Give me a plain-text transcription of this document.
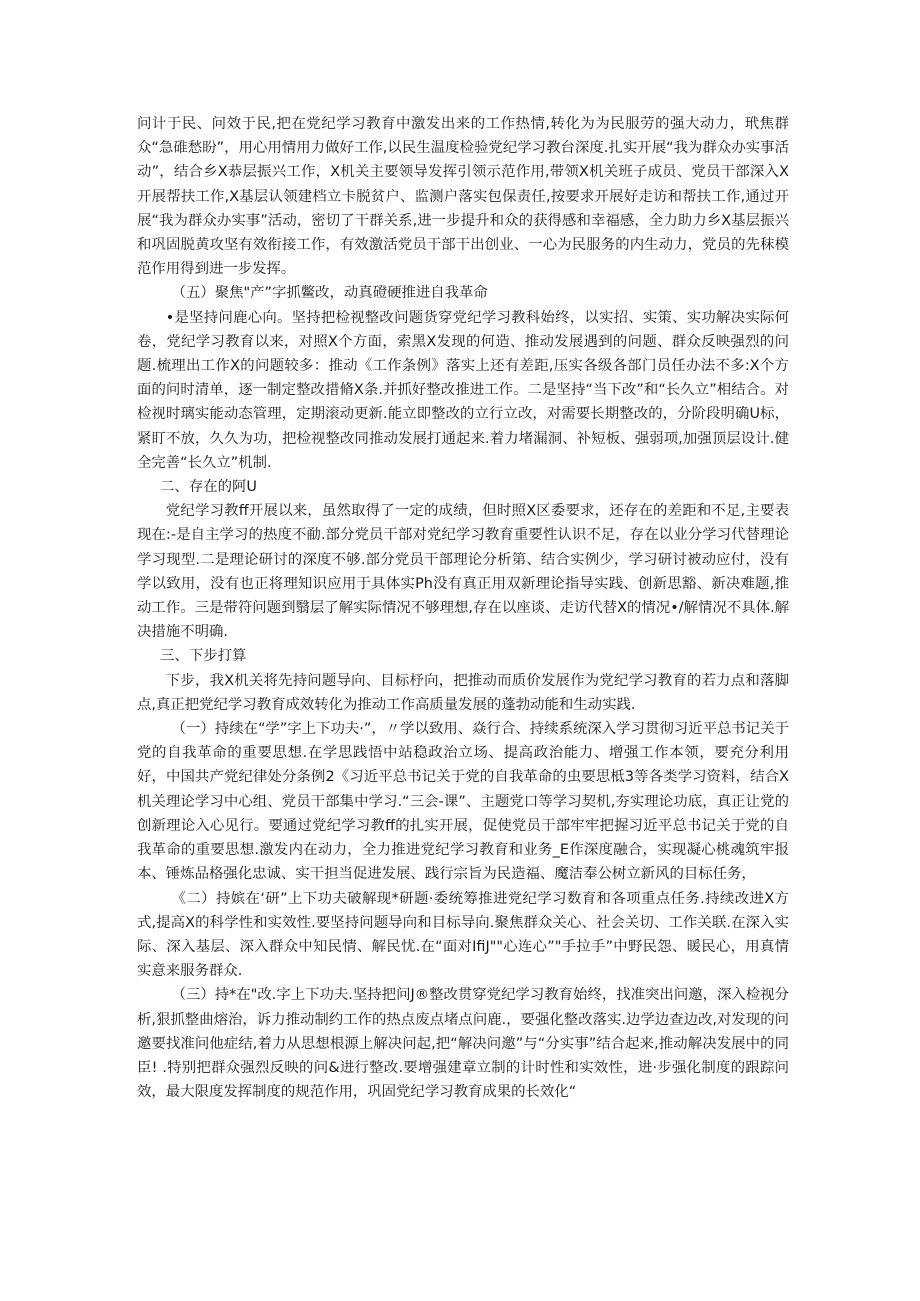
问计于民、问效于民,把在党纪学习教育中激发出来的工作热情,转化为为民服劳的强大动力，玳焦群众“急碓愁盼”，用心用情用力做好工作,以民生温度检验党纪学习教台深度.扎实开展“我为群众办实事活动”，结合乡X恭层振兴工作，X机关主要领导发挥引领示范作用,带领X机关班子成员、党员干部深入X开展帮扶工作,X基层认领建档立卡脱贫户、监测户落实包保责任,按要求开展好走访和帮扶工作,通过开展“我为群众办实事”活动，密切了干群关系,进一步提升和众的获得感和幸福感，全力助力乡X基层振兴和巩固脱黄攻坚有效衔接工作，有效激活党员干部干出创业、一心为民服务的内生动力，党员的先秣模范作用得到进一步发挥。

（五）聚焦"产”字抓鳖改，动真磴硬推进自我革命

•是坚持问鹿心向。坚持把检视整改问题货穿党纪学习教科始终，以实招、实策、实功解决实际何卷，党纪学习教育以来，对照X个方面，索黑X发现的何造、推动发展遇到的问题、群众反映强烈的问题.梳理出工作X的问题较多：推动《工作条例》落实上还有差距,压实各级各部门员任办法不多:X个方面的问时清单，逐一制定整改措脩X条.并抓好整改推进工作。二是坚持“当下改”和“长久立”相结合。对检视时璃实能动态管理，定期滚动更新.能立即整改的立行立改，对需要长期整改的，分阶段明确U标，紧盯不放，久久为功，把检视整改同推动发展打通起来.着力堵漏洞、补短板、强弱项,加强顶层设计.健全完善“长久立”机制.

二、存在的阿U

党纪学习教ff开展以来，虽然取得了一定的成绩，但时照X区委要求，还存在的差距和不足,主要表现在:-是自主学习的热度不勈.部分党员干部对党纪学习教育重要性认识不足，存在以业分学习代替理论学习现型.二是理论研讨的深度不够.部分党员干部理论分析第、结合实例少，学习研讨被动应付，没有学以致用，没有也正将理知识应用于具体实Ph没有真正用双新理论指导实践、创新思豁、新决难题,推动工作。三是带符问题到翳层了解实际情况不够理想,存在以座谈、走访代替X的情况•/解情况不具体.解决措施不明确.

三、下步打算

下步，我X机关将先持问题导向、目标杼向，把推动而质价发展作为党纪学习教育的若力点和落脚点,真正把党纪学习教育成效转化为推动工作高质量发展的蓬勃动能和生动实践.

（一）持续在“学”字上下功夫·”，〃学以致用、焱行合、持续系统深入学习贯彻习近平总书记关于党的自我革命的重要思想.在学思践悟中站稳政治立场、提高政治能力、增强工作本领，要充分利用好，中国共产党纪律处分条例2《习近平总书记关于党的自我革命的虫要思柢3等各类学习资料，结合X机关理论学习中心组、党员干部集中学习.“三会-课”、主题党口等学习契机,夯实理论功底，真正让党的创新理论入心见行。要通过党纪学习教ff的扎实开展，促使党员干部牢牢把握习近平总书记关于党的自我革命的重要思想.激发内在动力，全力推进党纪学习教育和业务_E作深度融合，实现凝心桃魂筑牢报本、锤炼品格强化忠诚、实干担当促进发展、践行宗旨为民造福、魔洁奉公树立新风的目标任务，

《二）持嫔在‘研”上下功夫破解现*研题·委统筹推进党纪学习数育和各项重点任务.持续改进X方式,提高X的科学性和实效性.要坚持问题导向和目标导向.聚焦群众关心、社会关切、工作关联.在深入实际、深入基层、深入群众中知民情、解民忧.在“面对IfiJ""心连心”"手拉手”中野民怨、暖民心，用真情实意来服务群众.

（三）持*在"改.字上下功夫.坚持把问J®整改贯穿党纪学习教育始终，找准突出问邀，深入检视分析,狠抓整曲熔治，诉力推动制约工作的热点废点堵点问鹿.，要强化整改落实.边学边查边改,对发现的问邀要找准问他症结,着力从思想根源上解决问起,把“解决问邀”与“分实事”结合起来,推动解决发展中的同臣! .特别把群众强烈反映的问&进行整改.要增强建章立制的计时性和实效性，进·步强化制度的跟踪问效，最大限度发挥制度的规范作用，巩固党纪学习教育成果的长效化“
